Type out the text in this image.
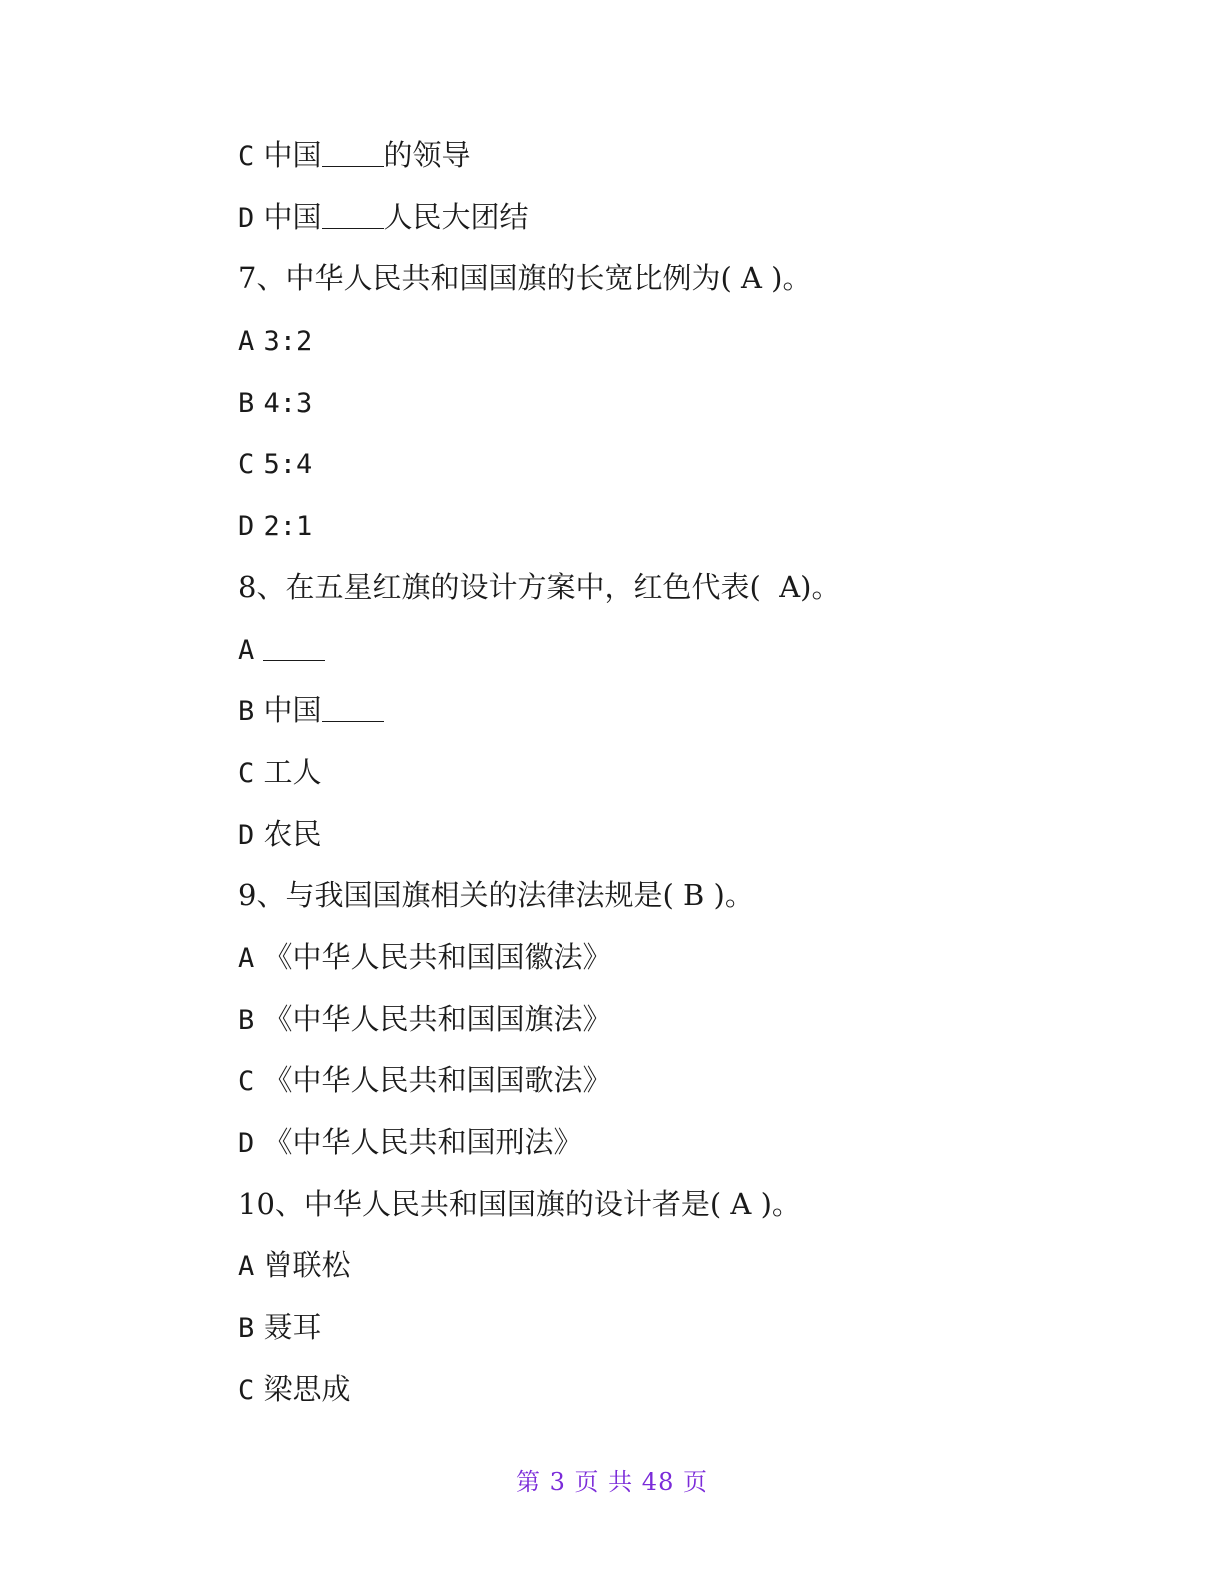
C 中国 的领导
D 中国 人民大团结
7、中华人民共和国国旗的长宽比例为( A )。
A 3:2
B 4:3
C 5:4
D 2:1
8、在五星红旗的设计方案中，红色代表(  A)。
A
B 中国
C 工人
D 农民
9、与我国国旗相关的法律法规是( B )。
A 《中华人民共和国国徽法》
B 《中华人民共和国国旗法》
C 《中华人民共和国国歌法》
D 《中华人民共和国刑法》
10、中华人民共和国国旗的设计者是( A )。
A 曾联松
B 聂耳
C 梁思成
第 3 页 共 48 页
